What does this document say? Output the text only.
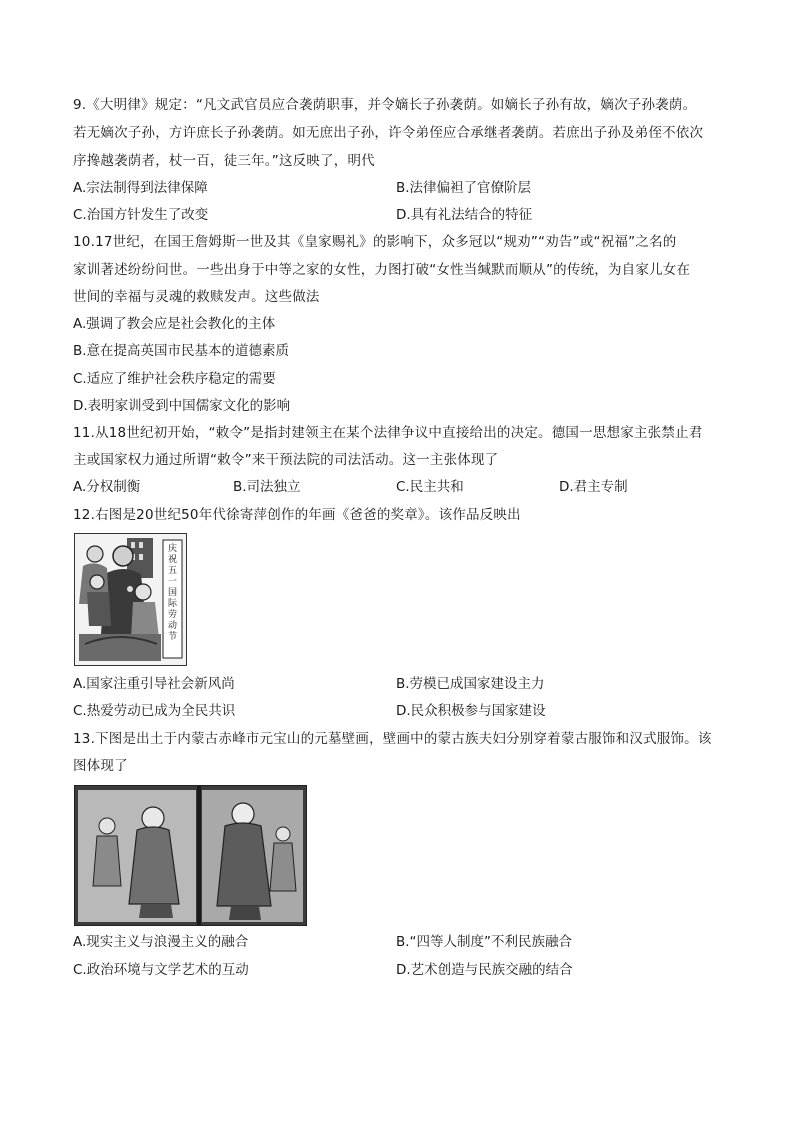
9.《大明律》规定：“凡文武官员应合袭荫职事，并令嫡长子孙袭荫。如嫡长子孙有故，嫡次子孙袭荫。
若无嫡次子孙，方许庶长子孙袭荫。如无庶出子孙，许令弟侄应合承继者袭荫。若庶出子孙及弟侄不依次
序搀越袭荫者，杖一百，徒三年。”这反映了，明代
A.宗法制得到法律保障	B.法律偏袒了官僚阶层
C.治国方针发生了改变	D.具有礼法结合的特征
10.17世纪，在国王詹姆斯一世及其《皇家赐礼》的影响下，众多冠以“规劝”“劝告”或“祝福”之名的
家训著述纷纷问世。一些出身于中等之家的女性，力图打破“女性当缄默而顺从”的传统，为自家儿女在
世间的幸福与灵魂的救赎发声。这些做法
A.强调了教会应是社会教化的主体
B.意在提高英国市民基本的道德素质
C.适应了维护社会秩序稳定的需要
D.表明家训受到中国儒家文化的影响
11.从18世纪初开始，“敕令”是指封建领主在某个法律争议中直接给出的决定。德国一思想家主张禁止君
主或国家权力通过所谓“敕令”来干预法院的司法活动。这一主张体现了
A.分权制衡	B.司法独立	C.民主共和	D.君主专制
12.右图是20世纪50年代徐寄萍创作的年画《爸爸的奖章》。该作品反映出
庆祝五一国际劳动节
A.国家注重引导社会新风尚	B.劳模已成国家建设主力
C.热爱劳动已成为全民共识	D.民众积极参与国家建设
13.下图是出土于内蒙古赤峰市元宝山的元墓壁画，壁画中的蒙古族夫妇分别穿着蒙古服饰和汉式服饰。该
图体现了
A.现实主义与浪漫主义的融合	B.“四等人制度”不利民族融合
C.政治环境与文学艺术的互动	D.艺术创造与民族交融的结合
